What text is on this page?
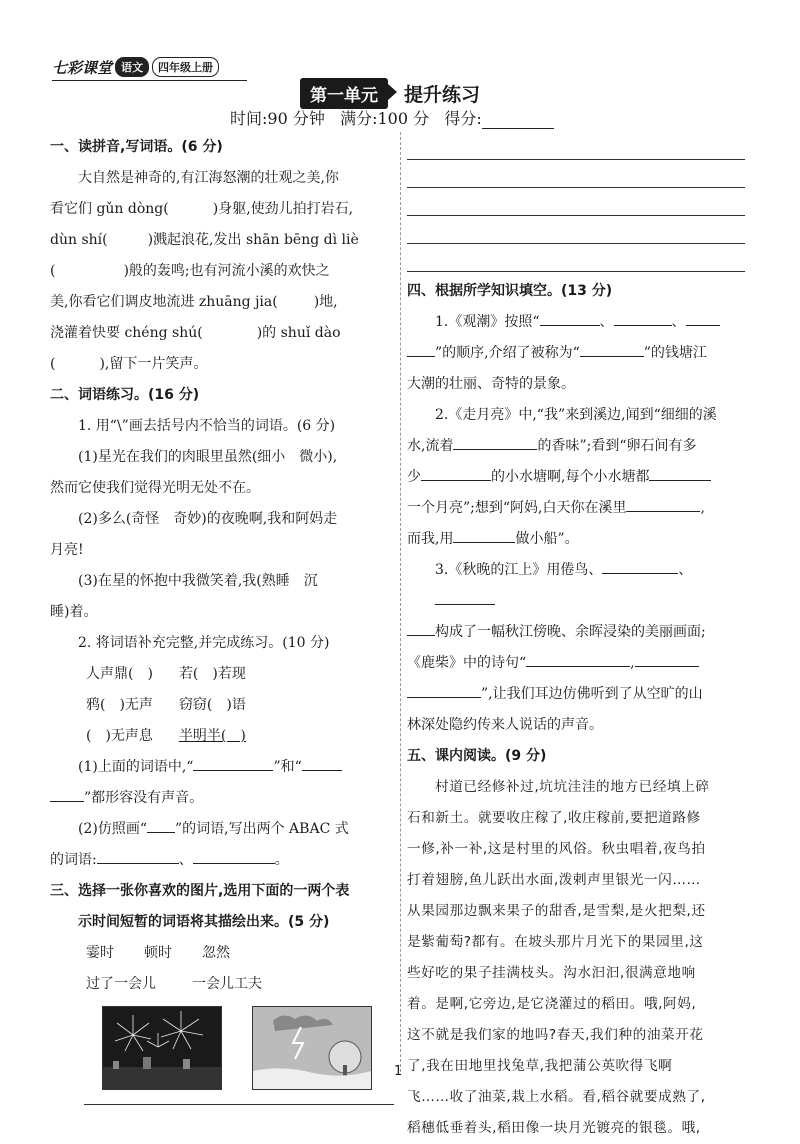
七彩课堂 语文	四年级上册
第一单元	提升练习
时间:90 分钟 满分:100 分 得分:
一、读拼音,写词语。(6 分)
大自然是神奇的,有江海怒潮的壮观之美,你
看它们 gǔn dòng(	)身躯,使劲儿拍打岩石,
dùn shí(	)溅起浪花,发出 shān bēng dì liè
(	)般的轰鸣;也有河流小溪的欢快之
美,你看它们调皮地流进 zhuāng jia(	)地,
浇灌着快要 chéng shú(	)的 shuǐ dào
(	),留下一片笑声。
二、词语练习。(16 分)
1. 用“\”画去括号内不恰当的词语。(6 分)
(1)星光在我们的肉眼里虽然(细小　微小),
然而它使我们觉得光明无处不在。
(2)多么(奇怪　奇妙)的夜晚啊,我和阿妈走
月亮!
(3)在星的怀抱中我微笑着,我(熟睡　沉
睡)着。
2. 将词语补充完整,并完成练习。(10 分)
人声鼎(　) 若(　)若现
鸦(　)无声 窃窃(　)语
(　)无声息 半明半(　)
(1)上面的词语中,“	”和“
”都形容没有声音。
(2)仿照画“ ”的词语,写出两个 ABAC 式
的词语:	、	。
三、选择一张你喜欢的图片,选用下面的一两个表
示时间短暂的词语将其描绘出来。(5 分)
霎时 顿时 忽然
过了一会儿	一会儿工夫
四、根据所学知识填空。(13 分)
1.《观潮》按照“	、	、
”的顺序,介绍了被称为“	”的钱塘江
大潮的壮丽、奇特的景象。
2.《走月亮》中,“我”来到溪边,闻到“细细的溪
水,流着	的香味”;看到“卵石间有多
少	的小水塘啊,每个小水塘都
一个月亮”;想到“阿妈,白天你在溪里	,
而我,用	做小船”。
3.《秋晚的江上》用倦鸟、	、
构成了一幅秋江傍晚、余晖浸染的美丽画面;
《鹿柴》中的诗句“	,
”,让我们耳边仿佛听到了从空旷的山
林深处隐约传来人说话的声音。
五、课内阅读。(9 分)
村道已经修补过,坑坑洼洼的地方已经填上碎
石和新土。就要收庄稼了,收庄稼前,要把道路修
一修,补一补,这是村里的风俗。秋虫唱着,夜鸟拍
打着翅膀,鱼儿跃出水面,泼剌声里银光一闪……
从果园那边飘来果子的甜香,是雪梨,是火把梨,还
是紫葡萄?都有。在坡头那片月光下的果园里,这
些好吃的果子挂满枝头。沟水汩汩,很满意地响
着。是啊,它旁边,是它浇灌过的稻田。哦,阿妈,
这不就是我们家的地吗?春天,我们种的油菜开花
了,我在田地里找兔草,我把蒲公英吹得飞啊
飞……收了油菜,栽上水稻。看,稻谷就要成熟了,
稻穗低垂着头,稻田像一块月光镀亮的银毯。哦,
1
